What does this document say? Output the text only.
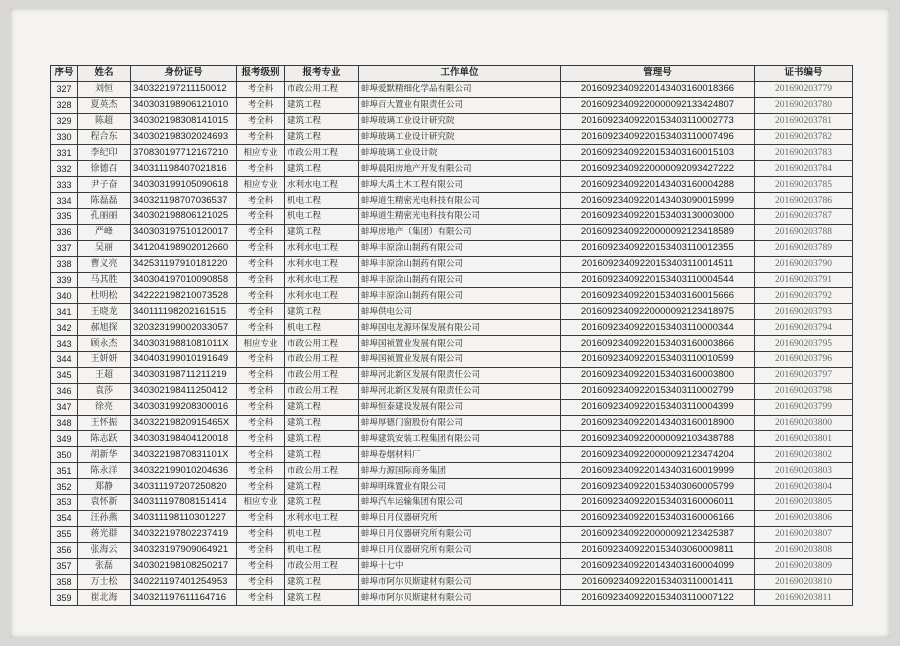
序号	姓名	身份证号	报考级别	报考专业	工作单位	管理号	证书编号
327	刘恒	340322197211150012	考全科	市政公用工程	蚌埠爱默精细化学品有限公司	20160923409220143403160018366	201690203779
328	夏英杰	340303198906121010	考全科	建筑工程	蚌埠百大置业有限责任公司	20160923409220000092133424807	201690203780
329	陈超	340302198308141015	考全科	建筑工程	蚌埠玻璃工业设计研究院	20160923409220153403110002773	201690203781
330	程合东	340302198302024693	考全科	建筑工程	蚌埠玻璃工业设计研究院	20160923409220153403110007496	201690203782
331	李纪印	370830197712167210	相应专业	市政公用工程	蚌埠玻璃工业设计院	20160923409220153403160015103	201690203783
332	徐德召	340311198407021816	考全科	建筑工程	蚌埠晨阳房地产开发有限公司	20160923409220000092093427222	201690203784
333	尹子奋	340303199105090618	相应专业	水利水电工程	蚌埠大禹土木工程有限公司	20160923409220143403160004288	201690203785
334	陈磊磊	340321198707036537	考全科	机电工程	蚌埠道生精密光电科技有限公司	20160923409220143403090015999	201690203786
335	孔丽丽	340302198806121025	考全科	机电工程	蚌埠道生精密光电科技有限公司	20160923409220153403130003000	201690203787
336	严峰	340303197510120017	考全科	建筑工程	蚌埠房地产（集团）有限公司	20160923409220000092123418589	201690203788
337	吴丽	341204198902012660	考全科	水利水电工程	蚌埠丰原涂山制药有限公司	20160923409220153403110012355	201690203789
338	曹义亮	342531197910181220	考全科	水利水电工程	蚌埠丰原涂山制药有限公司	20160923409220153403110014511	201690203790
339	马其胜	340304197010090858	考全科	水利水电工程	蚌埠丰原涂山制药有限公司	20160923409220153403110004544	201690203791
340	杜明松	342222198210073528	考全科	水利水电工程	蚌埠丰原涂山制药有限公司	20160923409220153403160015666	201690203792
341	王晓龙	340111198202161515	考全科	建筑工程	蚌埠供电公司	20160923409220000092123418975	201690203793
342	郝旭探	320323199002033057	考全科	机电工程	蚌埠国电龙源环保发展有限公司	20160923409220153403110000344	201690203794
343	顾永杰	34030319881081011X	相应专业	市政公用工程	蚌埠国祯置业发展有限公司	20160923409220153403160003866	201690203795
344	王妍妍	340403199010191649	考全科	市政公用工程	蚌埠国祯置业发展有限公司	20160923409220153403110010599	201690203796
345	王超	340303198711211219	考全科	市政公用工程	蚌埠河北新区发展有限责任公司	20160923409220153403160003800	201690203797
346	袁莎	340302198411250412	考全科	市政公用工程	蚌埠河北新区发展有限责任公司	20160923409220153403110002799	201690203798
347	徐亮	340303199208300016	考全科	建筑工程	蚌埠恒泰建设发展有限公司	20160923409220153403110004399	201690203799
348	王怀振	34032219820915465X	考全科	建筑工程	蚌埠厚德门窗股份有限公司	20160923409220143403160018900	201690203800
349	陈志跃	340303198404120018	考全科	建筑工程	蚌埠建筑安装工程集团有限公司	20160923409220000092103438788	201690203801
350	胡新华	34032219870831101X	考全科	建筑工程	蚌埠卷烟材料厂	20160923409220000092123474204	201690203802
351	陈永洋	340322199010204636	考全科	市政公用工程	蚌埠力源国际商务集团	20160923409220143403160019999	201690203803
352	郑静	340311197207250820	考全科	建筑工程	蚌埠明珠置业有限公司	20160923409220153403060005799	201690203804
353	袁怀新	340311197808151414	相应专业	建筑工程	蚌埠汽车运输集团有限公司	20160923409220153403160006011	201690203805
354	汪孙燕	340311198110301227	考全科	水利水电工程	蚌埠日月仪器研究所	20160923409220153403160006166	201690203806
355	蒋光群	340322197802237419	考全科	机电工程	蚌埠日月仪器研究所有限公司	20160923409220000092123425387	201690203807
356	张海云	340323197909064921	考全科	机电工程	蚌埠日月仪器研究所有限公司	20160923409220153403060009811	201690203808
357	张磊	340302198108250217	考全科	市政公用工程	蚌埠十七中	20160923409220143403160004099	201690203809
358	万士松	340221197401254953	考全科	建筑工程	蚌埠市阿尔贝斯建材有限公司	20160923409220153403110001411	201690203810
359	崔北海	340321197611164716	考全科	建筑工程	蚌埠市阿尔贝斯建材有限公司	20160923409220153403110007122	201690203811
